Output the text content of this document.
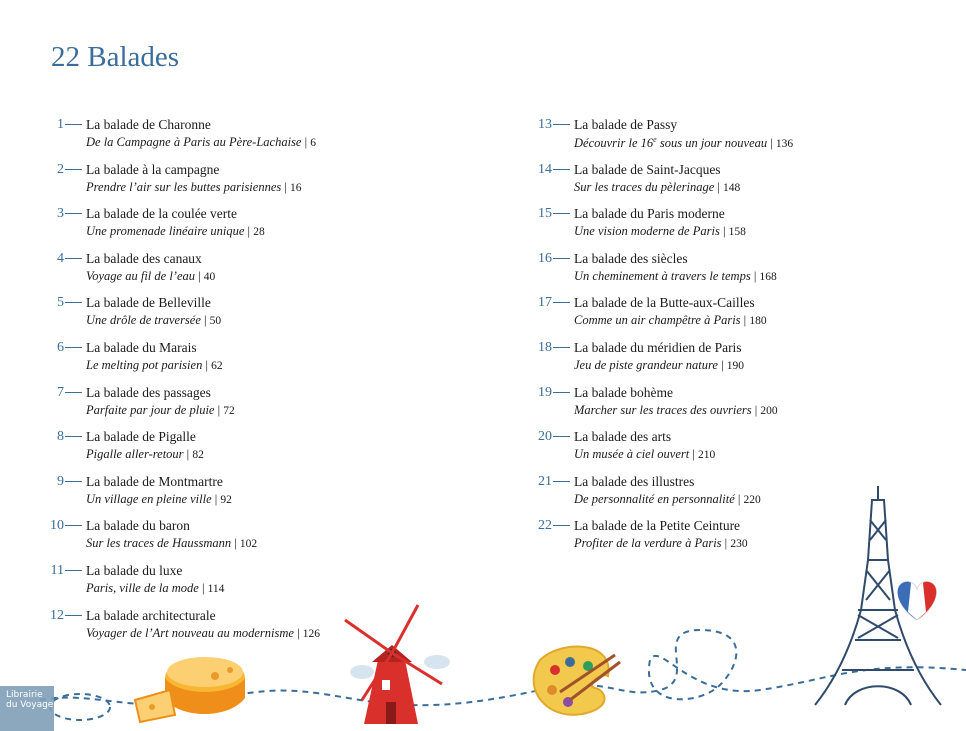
22 Balades
1	La balade de Charonne
De la Campagne à Paris au Père-Lachaise | 6
2	La balade à la campagne
Prendre l’air sur les buttes parisiennes | 16
3	La balade de la coulée verte
Une promenade linéaire unique | 28
4	La balade des canaux
Voyage au fil de l’eau | 40
5	La balade de Belleville
Une drôle de traversée | 50
6	La balade du Marais
Le melting pot parisien | 62
7	La balade des passages
Parfaite par jour de pluie | 72
8	La balade de Pigalle
Pigalle aller-retour | 82
9	La balade de Montmartre
Un village en pleine ville | 92
10	La balade du baron
Sur les traces de Haussmann | 102
11	La balade du luxe
Paris, ville de la mode | 114
12	La balade architecturale
Voyager de l’Art nouveau au modernisme | 126
13	La balade de Passy
Découvrir le 16e sous un jour nouveau | 136
14	La balade de Saint-Jacques
Sur les traces du pèlerinage | 148
15	La balade du Paris moderne
Une vision moderne de Paris | 158
16	La balade des siècles
Un cheminement à travers le temps | 168
17	La balade de la Butte-aux-Cailles
Comme un air champêtre à Paris | 180
18	La balade du méridien de Paris
Jeu de piste grandeur nature | 190
19	La balade bohème
Marcher sur les traces des ouvriers | 200
20	La balade des arts
Un musée à ciel ouvert | 210
21	La balade des illustres
De personnalité en personnalité | 220
22	La balade de la Petite Ceinture
Profiter de la verdure à Paris | 230
Librairie
du Voyage
